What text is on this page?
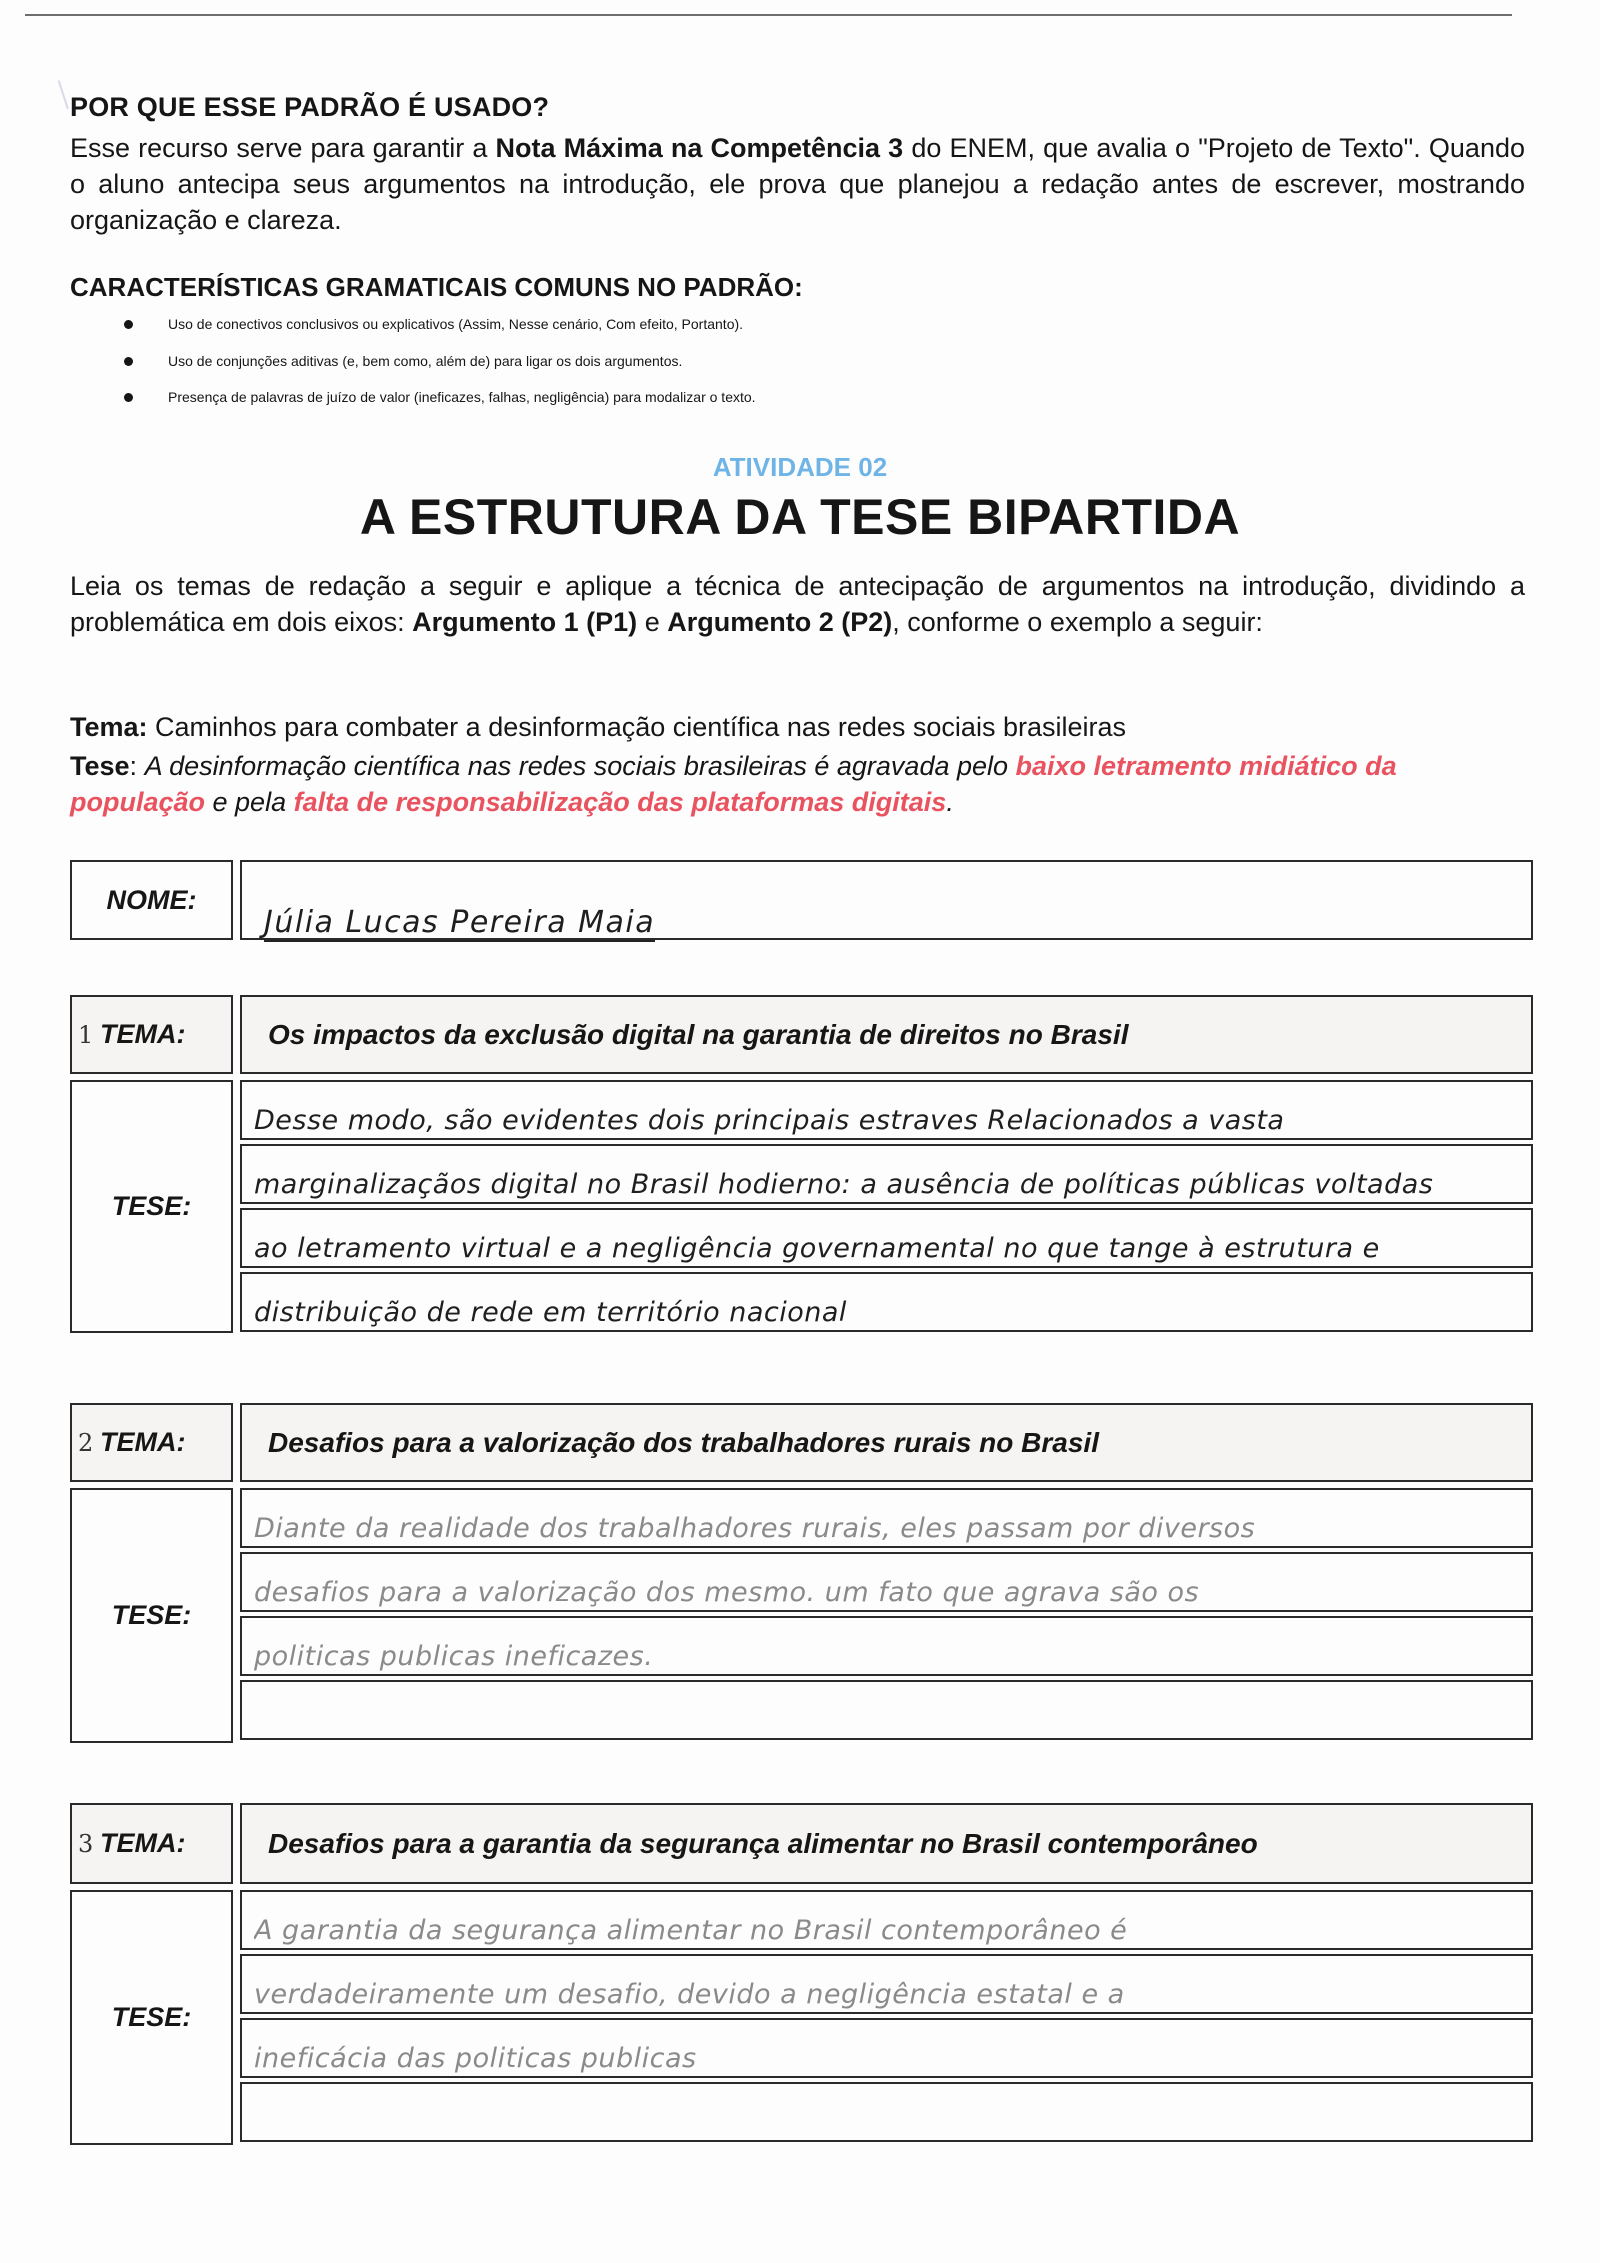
POR QUE ESSE PADRÃO É USADO?

Esse recurso serve para garantir a Nota Máxima na Competência 3 do ENEM, que avalia o "Projeto de Texto". Quando o aluno antecipa seus argumentos na introdução, ele prova que planejou a redação antes de escrever, mostrando organização e clareza.

CARACTERÍSTICAS GRAMATICAIS COMUNS NO PADRÃO:
Uso de conectivos conclusivos ou explicativos (Assim, Nesse cenário, Com efeito, Portanto).
Uso de conjunções aditivas (e, bem como, além de) para ligar os dois argumentos.
Presença de palavras de juízo de valor (ineficazes, falhas, negligência) para modalizar o texto.
ATIVIDADE 02
A ESTRUTURA DA TESE BIPARTIDA

Leia os temas de redação a seguir e aplique a técnica de antecipação de argumentos na introdução, dividindo a problemática em dois eixos: Argumento 1 (P1) e Argumento 2 (P2), conforme o exemplo a seguir:

Tema: Caminhos para combater a desinformação científica nas redes sociais brasileiras
Tese: A desinformação científica nas redes sociais brasileiras é agravada pelo baixo letramento midiático da população e pela falta de responsabilização das plataformas digitais.
NOME:
Júlia Lucas Pereira Maia
1 TEMA:	Os impactos da exclusão digital na garantia de direitos no Brasil
TESE:
Desse modo, são evidentes dois principais estraves Relacionados a vasta
marginalizaçãos digital no Brasil hodierno: a ausência de políticas públicas voltadas
ao letramento virtual e a negligência governamental no que tange à estrutura e
distribuição de rede em território nacional
2 TEMA:	Desafios para a valorização dos trabalhadores rurais no Brasil
TESE:
Diante da realidade dos trabalhadores rurais, eles passam por diversos
desafios para a valorização dos mesmo. um fato que agrava são os
politicas publicas ineficazes.
3 TEMA:	Desafios para a garantia da segurança alimentar no Brasil contemporâneo
TESE:
A garantia da segurança alimentar no Brasil contemporâneo é
verdadeiramente um desafio, devido a negligência estatal e a
ineficácia das politicas publicas
